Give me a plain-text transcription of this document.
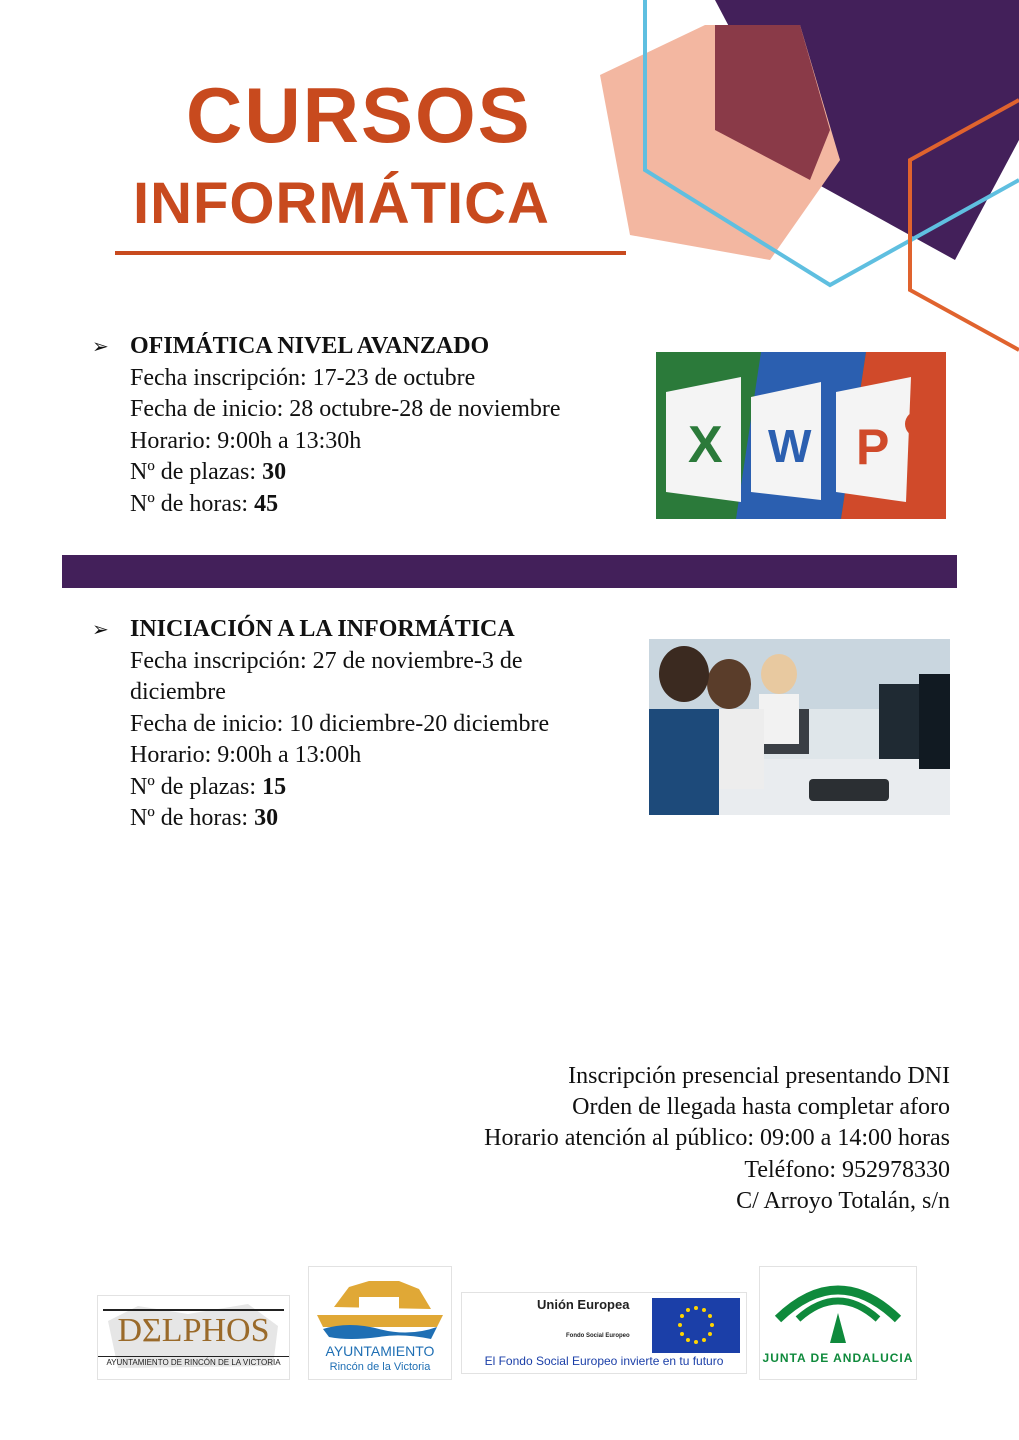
CURSOS
INFORMÁTICA
➢ OFIMÁTICA NIVEL AVANZADO
Fecha inscripción: 17-23 de octubre
Fecha de inicio: 28 octubre-28 de noviembre
Horario: 9:00h a 13:30h
Nº de plazas: 30
Nº de horas: 45
X W P
➢ INICIACIÓN A LA INFORMÁTICA
Fecha inscripción: 27 de noviembre-3 de
diciembre
Fecha de inicio: 10 diciembre-20 diciembre
Horario: 9:00h a 13:00h
Nº de plazas: 15
Nº de horas: 30
Inscripción presencial presentando DNI
Orden de llegada hasta completar aforo
Horario atención al público: 09:00 a 14:00 horas
Teléfono: 952978330
C/ Arroyo Totalán, s/n
DΣLPHOS
AYUNTAMIENTO DE RINCÓN DE LA VICTORIA
AYUNTAMIENTO
Rincón de la Victoria
Unión Europea
Fondo Social Europeo
El Fondo Social Europeo invierte en tu futuro	JUNTA DE ANDALUCIA
